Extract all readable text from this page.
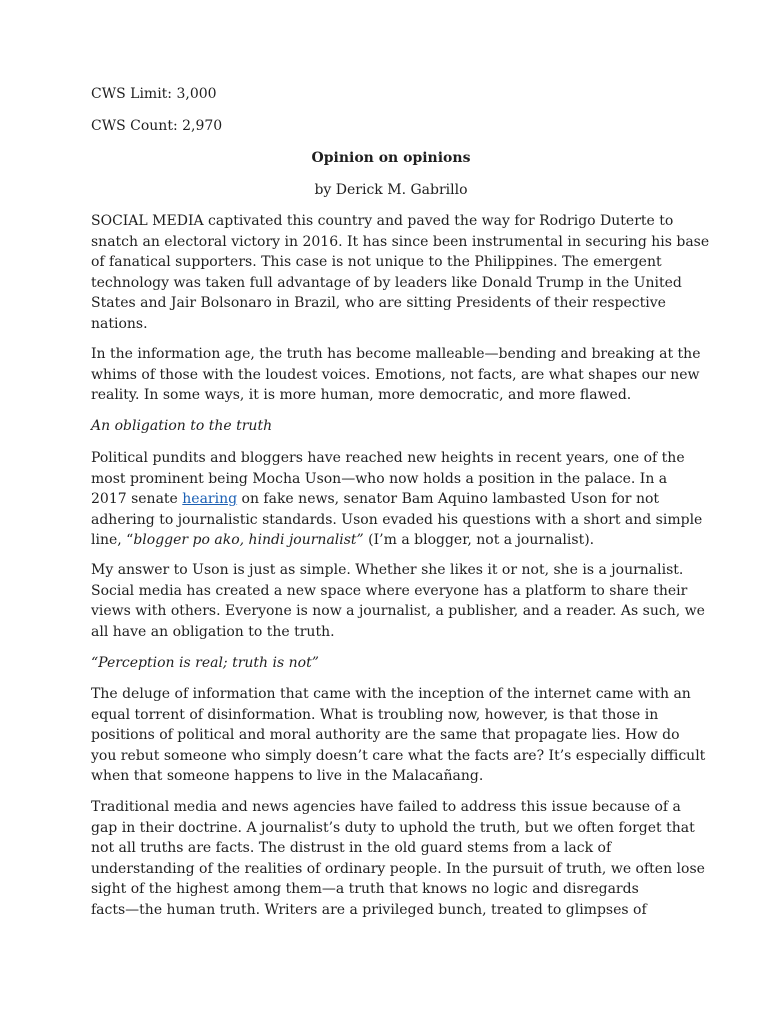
CWS Limit: 3,000

CWS Count: 2,970

Opinion on opinions

by Derick M. Gabrillo

SOCIAL MEDIA captivated this country and paved the way for Rodrigo Duterte to
snatch an electoral victory in 2016. It has since been instrumental in securing his base
of fanatical supporters. This case is not unique to the Philippines. The emergent
technology was taken full advantage of by leaders like Donald Trump in the United
States and Jair Bolsonaro in Brazil, who are sitting Presidents of their respective
nations.
In the information age, the truth has become malleable—bending and breaking at the
whims of those with the loudest voices. Emotions, not facts, are what shapes our new
reality. In some ways, it is more human, more democratic, and more flawed.

An obligation to the truth

Political pundits and bloggers have reached new heights in recent years, one of the
most prominent being Mocha Uson—who now holds a position in the palace. In a
2017 senate hearing on fake news, senator Bam Aquino lambasted Uson for not
adhering to journalistic standards. Uson evaded his questions with a short and simple
line, “blogger po ako, hindi journalist” (I’m a blogger, not a journalist).
My answer to Uson is just as simple. Whether she likes it or not, she is a journalist.
Social media has created a new space where everyone has a platform to share their
views with others. Everyone is now a journalist, a publisher, and a reader. As such, we
all have an obligation to the truth.

“Perception is real; truth is not”

The deluge of information that came with the inception of the internet came with an
equal torrent of disinformation. What is troubling now, however, is that those in
positions of political and moral authority are the same that propagate lies. How do
you rebut someone who simply doesn’t care what the facts are? It’s especially difficult
when that someone happens to live in the Malacañang.
Traditional media and news agencies have failed to address this issue because of a
gap in their doctrine. A journalist’s duty to uphold the truth, but we often forget that
not all truths are facts. The distrust in the old guard stems from a lack of
understanding of the realities of ordinary people. In the pursuit of truth, we often lose
sight of the highest among them—a truth that knows no logic and disregards
facts—the human truth. Writers are a privileged bunch, treated to glimpses of
